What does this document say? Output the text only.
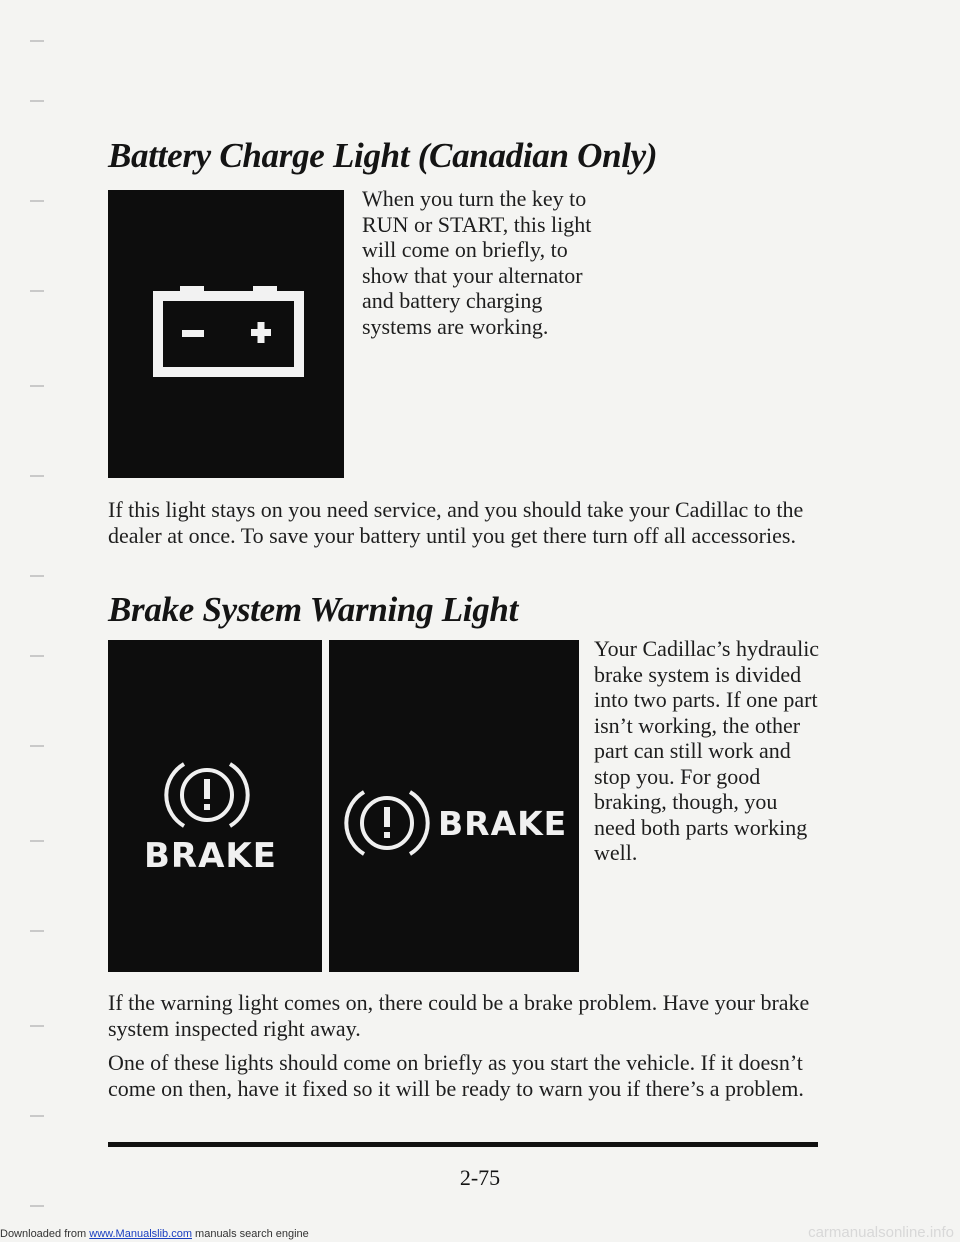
Battery Charge Light (Canadian Only)
When you turn the key to RUN or START, this light will come on briefly, to show that your alternator and battery charging systems are working.
If this light stays on you need service, and you should take your Cadillac to the dealer at once. To save your battery until you get there turn off all accessories.
Brake System Warning Light
BRAKE
BRAKE
Your Cadillac’s hydraulic brake system is divided into two parts. If one part isn’t working, the other part can still work and stop you. For good braking, though, you need both parts working well.
If the warning light comes on, there could be a brake problem. Have your brake system inspected right away.
One of these lights should come on briefly as you start the vehicle. If it doesn’t come on then, have it fixed so it will be ready to warn you if there’s a problem.
2-75
Downloaded from www.Manualslib.com manuals search engine	carmanualsonline.info
